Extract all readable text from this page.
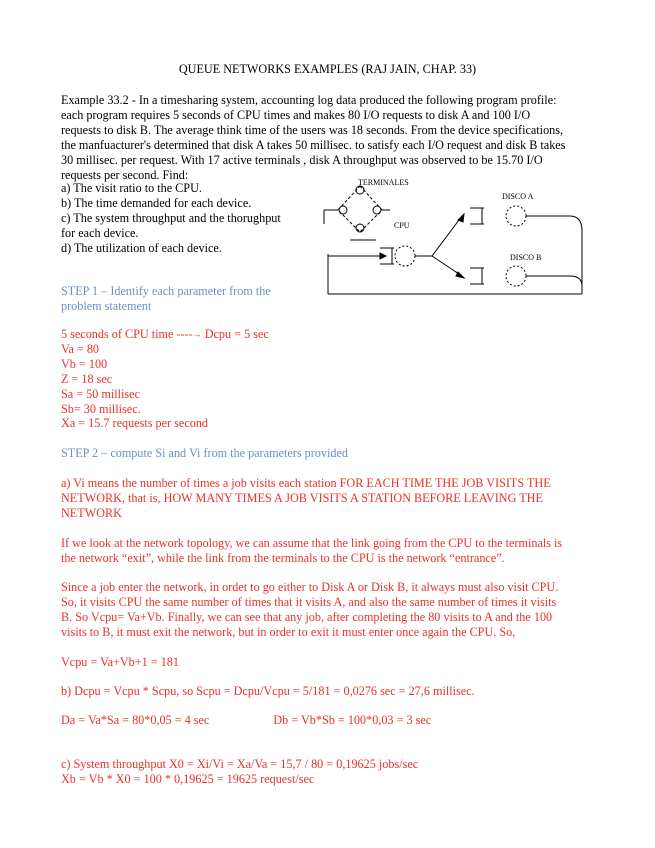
QUEUE NETWORKS EXAMPLES (RAJ JAIN, CHAP. 33)
Example 33.2 - In a timesharing system, accounting log data produced the following program profile:
each program requires 5 seconds of CPU times and makes 80 I/O requests to disk A and 100 I/O
requests to disk B. The average think time of the users was 18 seconds. From the device specifications,
the manfuacturer's determined that disk A takes 50 millisec. to satisfy each I/O request and disk B takes
30 millisec. per request. With 17 active terminals , disk A throughput was observed to be 15.70 I/O
requests per second. Find:
a) The visit ratio to the CPU.
b) The time demanded for each device.
c) The system throughput and the thorughput
for each device.
d) The utilization of each device.
TERMINALES
CPU
DISCO A
DISCO B
STEP 1 – Identify each parameter from the
problem statement
5 seconds of CPU time ----→ Dcpu = 5 sec
Va = 80
Vb = 100
Z = 18 sec
Sa = 50 millisec
Sb= 30 millisec.
Xa = 15.7 requests per second
STEP 2 – compute Si and Vi from the parameters provided
a) Vi means the number of times a job visits each station FOR EACH TIME THE JOB VISITS THE
NETWORK, that is, HOW MANY TIMES A JOB VISITS A STATION BEFORE LEAVING THE
NETWORK
If we look at the network topology, we can assume that the link going from the CPU to the terminals is
the network “exit”, while the link from the terminals to the CPU is the network “entrance”.
Since a job enter the network, in ordet to go either to Disk A or Disk B, it always must also visit CPU.
So, it visits CPU the same number of times that it visits A, and also the same number of times it visits
B. So Vcpu= Va+Vb. Finally, we can see that any job, after completing the 80 visits to A and the 100
visits to B, it must exit the network, but in order to exit it must enter once again the CPU. So,
Vcpu = Va+Vb+1 = 181
b) Dcpu = Vcpu * Scpu, so Scpu = Dcpu/Vcpu = 5/181 = 0,0276 sec = 27,6 millisec.
Da = Va*Sa = 80*0,05 = 4 sec	Db = Vb*Sb = 100*0,03 = 3 sec
c) System throughput X0 = Xi/Vi = Xa/Va = 15,7 / 80 = 0,19625 jobs/sec
Xb = Vb * X0 = 100 * 0,19625 = 19625 request/sec
